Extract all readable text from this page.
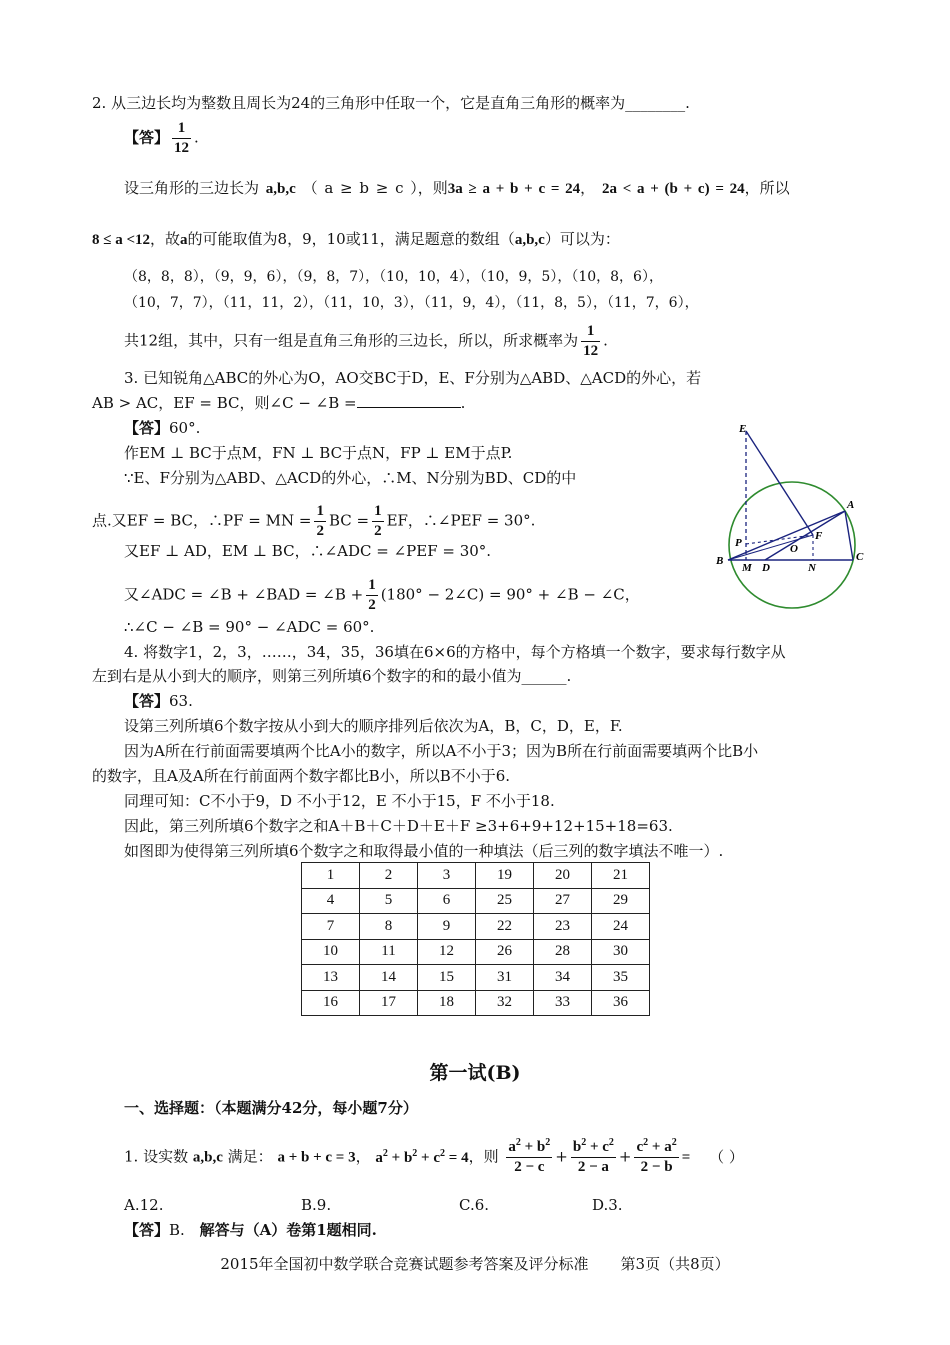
2. 从三边长均为整数且周长为24的三角形中任取一个，它是直角三角形的概率为________.
【答】 $\frac{1}{12}$ .
设三角形的三边长为 a,b,c （ a ≥ b ≥ c ），则3a ≥ a + b + c = 24， 2a < a + (b + c) = 24，所以
8 ≤ a <12，故a的可能取值为8，9，10或11，满足题意的数组（a,b,c）可以为：
（8，8，8），（9，9，6），（9，8，7），（10，10，4），（10，9，5），（10，8，6），
（10，7，7），（11，11，2），（11，10，3），（11，9，4），（11，8，5），（11，7，6），
共12组，其中，只有一组是直角三角形的三边长，所以，所求概率为 $\frac{1}{12}$ .
3. 已知锐角△ABC的外心为O，AO交BC于D，E、F分别为△ABD、△ACD的外心，若
AB > AC，EF = BC，则∠C − ∠B =	.
【答】60°.
作EM ⊥ BC于点M，FN ⊥ BC于点N，FP ⊥ EM于点P.
∵E、F分别为△ABD、△ACD的外心，∴M、N分别为BD、CD的中
点.又EF = BC，∴PF = MN = $\frac{1}{2}$ BC = $\frac{1}{2}$ EF，∴∠PEF = 30°.
又EF ⊥ AD，EM ⊥ BC，∴∠ADC = ∠PEF = 30°.
又∠ADC = ∠B + ∠BAD = ∠B + $\frac{1}{2} (180^\circ$ − 2∠C) = 90° + ∠B − ∠C，
∴∠C − ∠B = 90° − ∠ADC = 60°.
E
A
P
F
O
B
M D	N
C
4. 将数字1，2，3，……，34，35，36填在6×6的方格中，每个方格填一个数字，要求每行数字从
左到右是从小到大的顺序，则第三列所填6个数字的和的最小值为______.
【答】63.
设第三列所填6个数字按从小到大的顺序排列后依次为A，B，C，D，E，F.
因为A所在行前面需要填两个比A小的数字，所以A不小于3；因为B所在行前面需要填两个比B小
的数字，且A及A所在行前面两个数字都比B小，所以B不小于6.
同理可知：C不小于9，D 不小于12，E 不小于15，F 不小于18.
因此，第三列所填6个数字之和A＋B＋C＋D＋E＋F ≥3+6+9+12+15+18=63.
如图即为使得第三列所填6个数字之和取得最小值的一种填法（后三列的数字填法不唯一）.
1	2	3	19	20	21
4	5	6	25	27	29
7	8	9	22	23	24
10	11	12	26	28	30
13	14	15	31	34	35
16	17	18	32	33	36
第一试(B)
一、选择题：（本题满分42分，每小题7分）
1. 设实数 a,b,c 满足： a + b + c = 3， $a^2 + b^2 + c^2 = 4$，则 $\frac{a^2 + b^2}{2 - c} + \frac{b^2 + c^2}{2 - a} + \frac{c^2 + a^2}{2 - b}$ = （ ）
A.12.	B.9.	C.6.	D.3.
【答】B. 解答与（A）卷第1题相同.
2015年全国初中数学联合竞赛试题参考答案及评分标准 第3页（共8页）
